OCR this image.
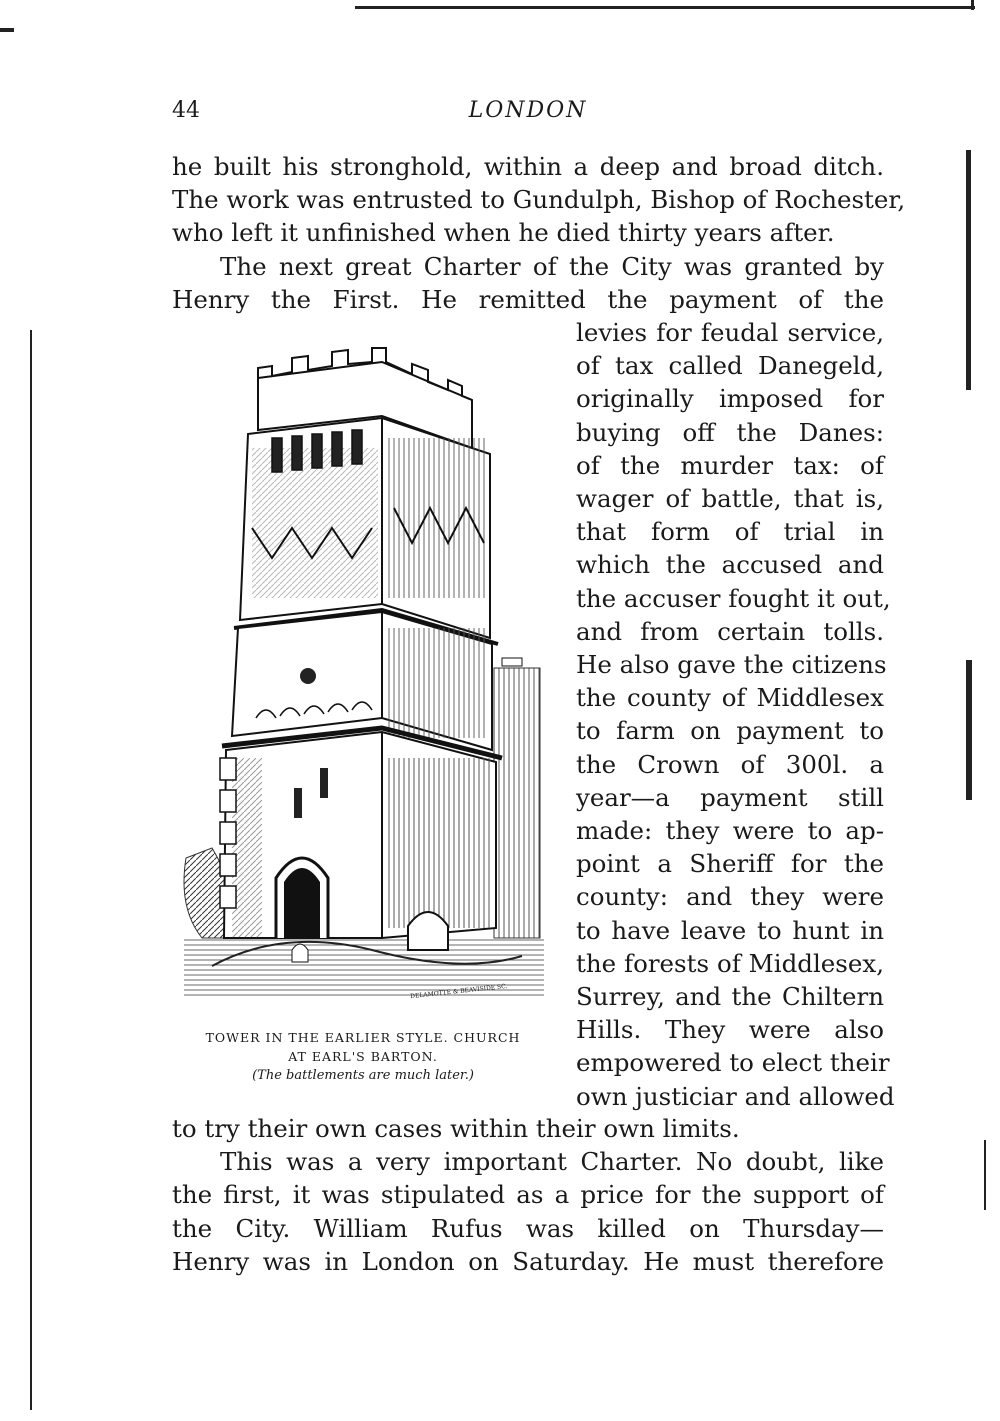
44	LONDON
he built his stronghold, within a deep and broad ditch.
The work was entrusted to Gundulph, Bishop of Rochester,
who left it unfinished when he died thirty years after.
The next great Charter of the City was granted by
Henry the First. He remitted the payment of the
levies for feudal service,
of tax called Danegeld,
originally imposed for
buying off the Danes:
of the murder tax: of
wager of battle, that is,
that form of trial in
which the accused and
the accuser fought it out,
and from certain tolls.
He also gave the citizens
the county of Middlesex
to farm on payment to
the Crown of 300l. a
year—a payment still
made: they were to ap-
point a Sheriff for the
county: and they were
to have leave to hunt in
the forests of Middlesex,
Surrey, and the Chiltern
Hills. They were also
empowered to elect their
own justiciar and allowed
to try their own cases within their own limits.
This was a very important Charter. No doubt, like
the first, it was stipulated as a price for the support of
the City. William Rufus was killed on Thursday—
Henry was in London on Saturday. He must therefore
DELAMOTTE & BEAVISIDE SC.
TOWER IN THE EARLIER STYLE. CHURCH
AT EARL'S BARTON.
(The battlements are much later.)
